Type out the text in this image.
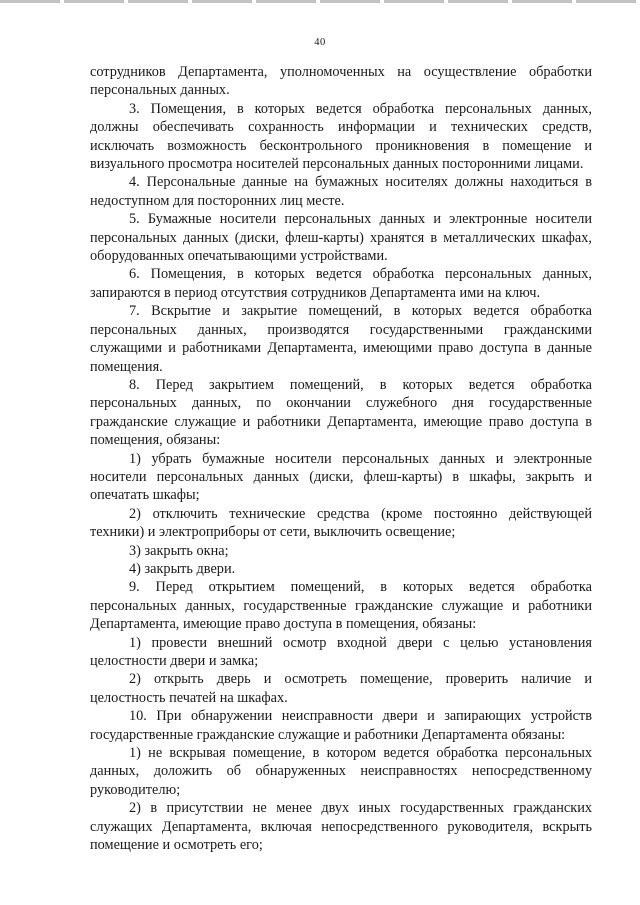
40

сотрудников Департамента, уполномоченных на осуществление обработки персональных данных.

3. Помещения, в которых ведется обработка персональных данных, должны обеспечивать сохранность информации и технических средств, исключать возможность бесконтрольного проникновения в помещение и визуального просмотра носителей персональных данных посторонними лицами.

4. Персональные данные на бумажных носителях должны находиться в недоступном для посторонних лиц месте.

5. Бумажные носители персональных данных и электронные носители персональных данных (диски, флеш-карты) хранятся в металлических шкафах, оборудованных опечатывающими устройствами.

6. Помещения, в которых ведется обработка персональных данных, запираются в период отсутствия сотрудников Департамента ими на ключ.

7. Вскрытие и закрытие помещений, в которых ведется обработка персональных данных, производятся государственными гражданскими служащими и работниками Департамента, имеющими право доступа в данные помещения.

8. Перед закрытием помещений, в которых ведется обработка персональных данных, по окончании служебного дня государственные гражданские служащие и работники Департамента, имеющие право доступа в помещения, обязаны:

1) убрать бумажные носители персональных данных и электронные носители персональных данных (диски, флеш-карты) в шкафы, закрыть и опечатать шкафы;

2) отключить технические средства (кроме постоянно действующей техники) и электроприборы от сети, выключить освещение;

3) закрыть окна;

4) закрыть двери.

9. Перед открытием помещений, в которых ведется обработка персональных данных, государственные гражданские служащие и работники Департамента, имеющие право доступа в помещения, обязаны:

1) провести внешний осмотр входной двери с целью установления целостности двери и замка;

2) открыть дверь и осмотреть помещение, проверить наличие и целостность печатей на шкафах.

10. При обнаружении неисправности двери и запирающих устройств государственные гражданские служащие и работники Департамента обязаны:

1) не вскрывая помещение, в котором ведется обработка персональных данных, доложить об обнаруженных неисправностях непосредственному руководителю;

2) в присутствии не менее двух иных государственных гражданских служащих Департамента, включая непосредственного руководителя, вскрыть помещение и осмотреть его;
